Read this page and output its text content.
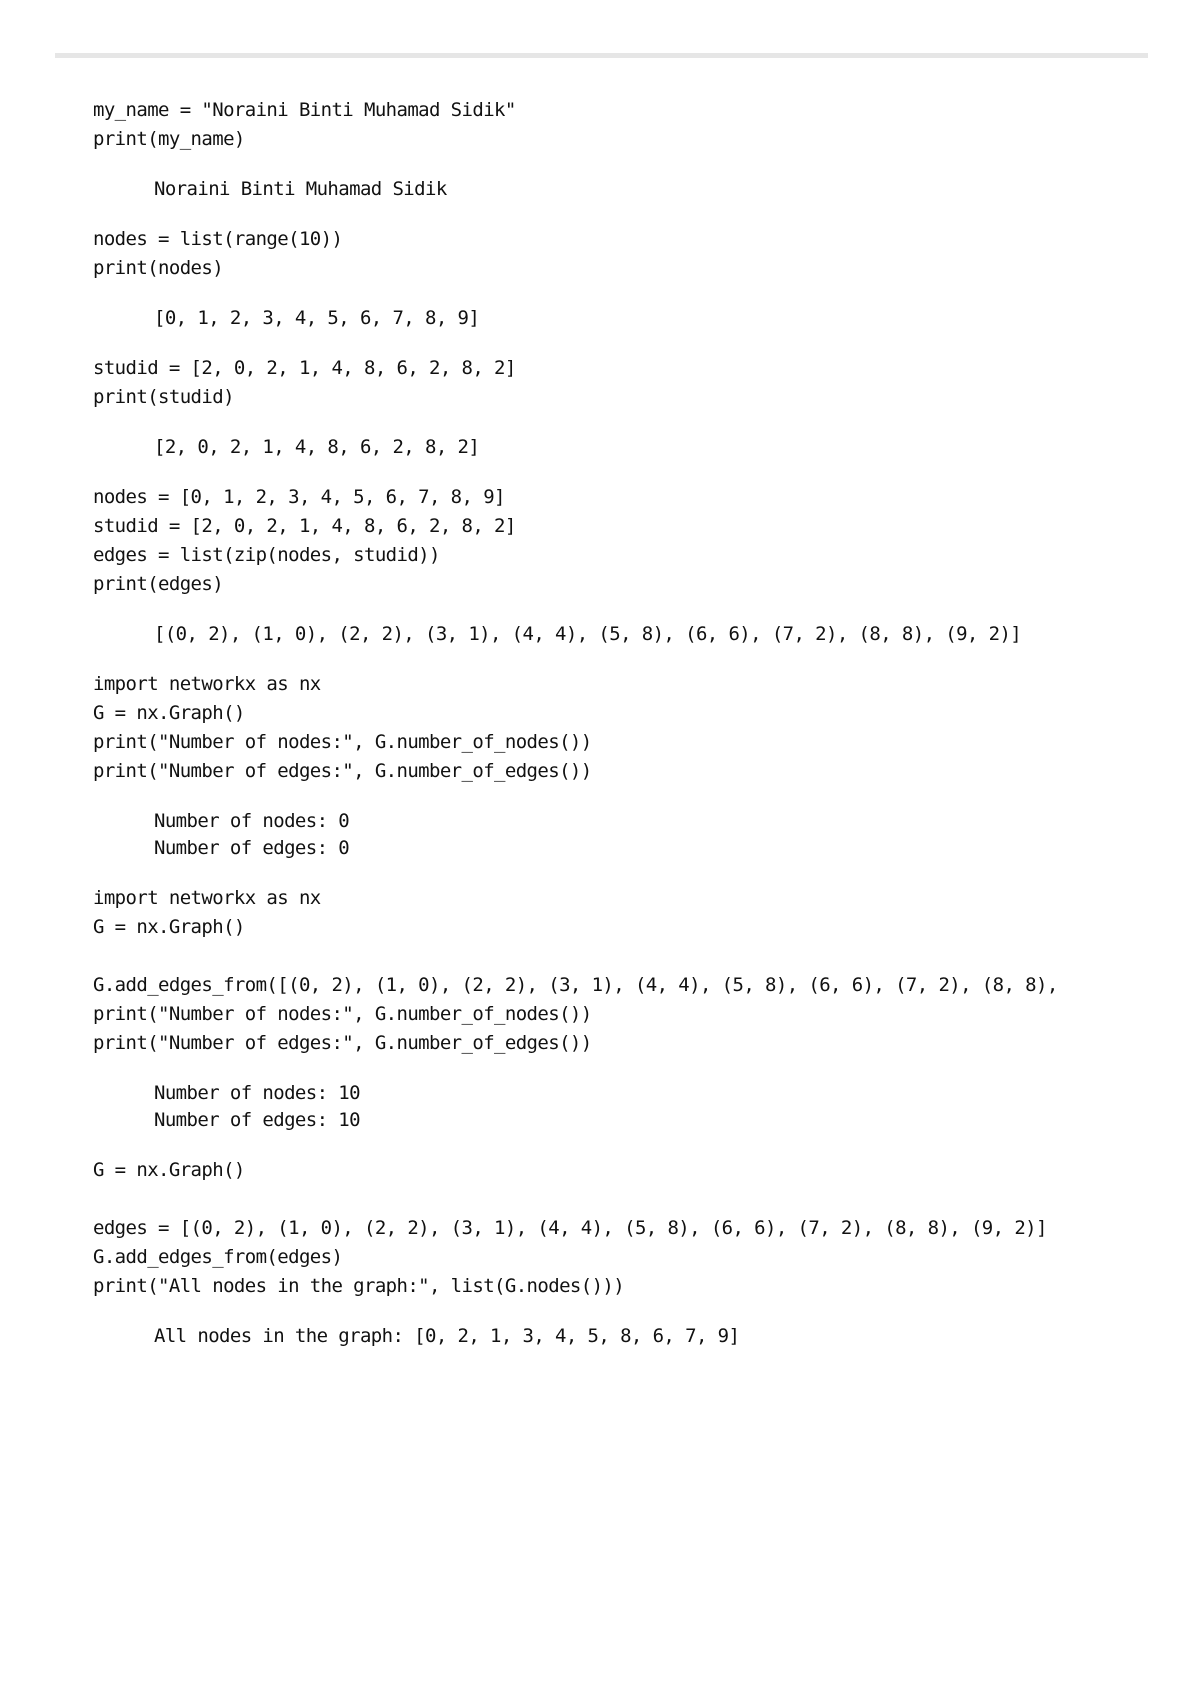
my_name = "Noraini Binti Muhamad Sidik"
print(my_name)
Noraini Binti Muhamad Sidik
nodes = list(range(10))
print(nodes)
[0, 1, 2, 3, 4, 5, 6, 7, 8, 9]
studid = [2, 0, 2, 1, 4, 8, 6, 2, 8, 2]
print(studid)
[2, 0, 2, 1, 4, 8, 6, 2, 8, 2]
nodes = [0, 1, 2, 3, 4, 5, 6, 7, 8, 9]
studid = [2, 0, 2, 1, 4, 8, 6, 2, 8, 2]
edges = list(zip(nodes, studid))
print(edges)
[(0, 2), (1, 0), (2, 2), (3, 1), (4, 4), (5, 8), (6, 6), (7, 2), (8, 8), (9, 2)]
import networkx as nx
G = nx.Graph()
print("Number of nodes:", G.number_of_nodes())
print("Number of edges:", G.number_of_edges())
Number of nodes: 0
Number of edges: 0
import networkx as nx
G = nx.Graph()
G.add_edges_from([(0, 2), (1, 0), (2, 2), (3, 1), (4, 4), (5, 8), (6, 6), (7, 2), (8, 8),
print("Number of nodes:", G.number_of_nodes())
print("Number of edges:", G.number_of_edges())
Number of nodes: 10
Number of edges: 10
G = nx.Graph()
edges = [(0, 2), (1, 0), (2, 2), (3, 1), (4, 4), (5, 8), (6, 6), (7, 2), (8, 8), (9, 2)]
G.add_edges_from(edges)
print("All nodes in the graph:", list(G.nodes()))
All nodes in the graph: [0, 2, 1, 3, 4, 5, 8, 6, 7, 9]
